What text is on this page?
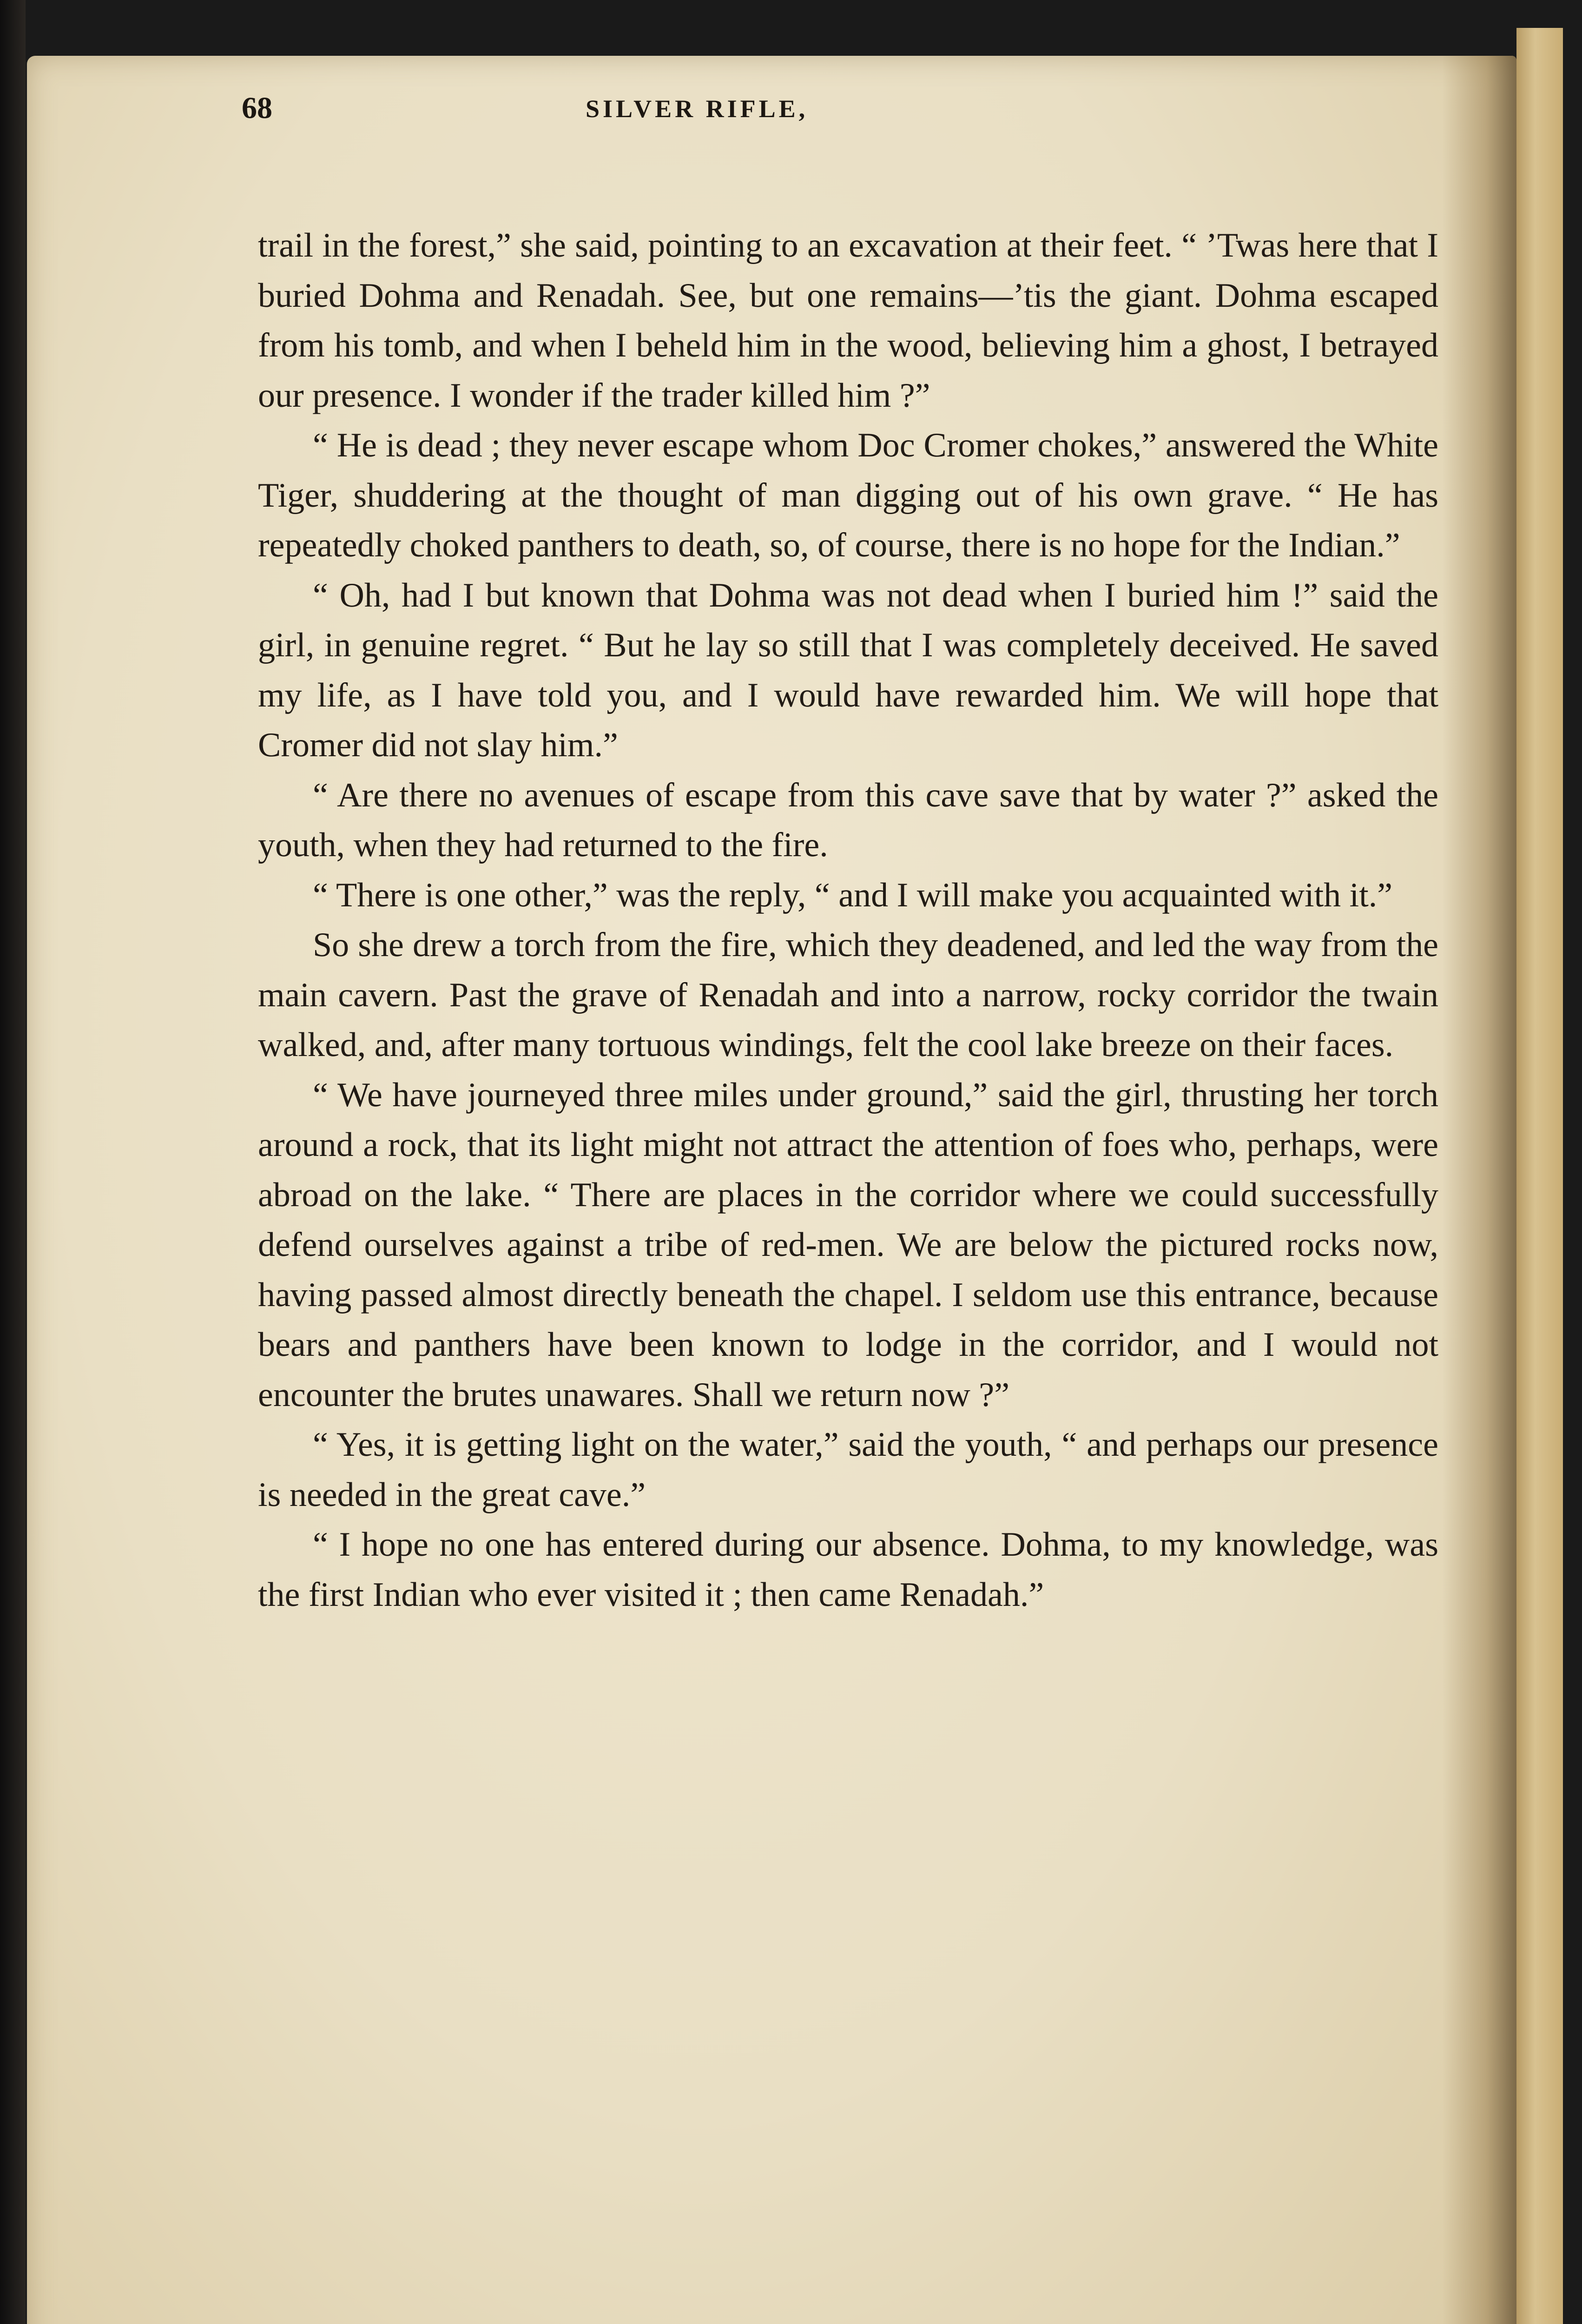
68	SILVER RIFLE,

trail in the forest,” she said, pointing to an excavation at their feet. “ ’Twas here that I buried Dohma and Renadah. See, but one remains—’tis the giant. Dohma escaped from his tomb, and when I beheld him in the wood, believing him a ghost, I betrayed our presence. I wonder if the trader killed him ?”

“ He is dead ; they never escape whom Doc Cromer chokes,” answered the White Tiger, shuddering at the thought of man digging out of his own grave. “ He has repeatedly choked panthers to death, so, of course, there is no hope for the Indian.”

“ Oh, had I but known that Dohma was not dead when I buried him !” said the girl, in genuine regret. “ But he lay so still that I was completely deceived. He saved my life, as I have told you, and I would have rewarded him. We will hope that Cromer did not slay him.”

“ Are there no avenues of escape from this cave save that by water ?” asked the youth, when they had returned to the fire.

“ There is one other,” was the reply, “ and I will make you acquainted with it.”

So she drew a torch from the fire, which they deadened, and led the way from the main cavern. Past the grave of Renadah and into a narrow, rocky corridor the twain walked, and, after many tortuous windings, felt the cool lake breeze on their faces.

“ We have journeyed three miles under ground,” said the girl, thrusting her torch around a rock, that its light might not attract the attention of foes who, perhaps, were abroad on the lake. “ There are places in the corridor where we could successfully defend ourselves against a tribe of red-men. We are below the pictured rocks now, having passed almost directly beneath the chapel. I seldom use this entrance, because bears and panthers have been known to lodge in the corridor, and I would not encounter the brutes unawares. Shall we return now ?”

“ Yes, it is getting light on the water,” said the youth, “ and perhaps our presence is needed in the great cave.”

“ I hope no one has entered during our absence. Dohma, to my knowledge, was the first Indian who ever visited it ; then came Renadah.”
